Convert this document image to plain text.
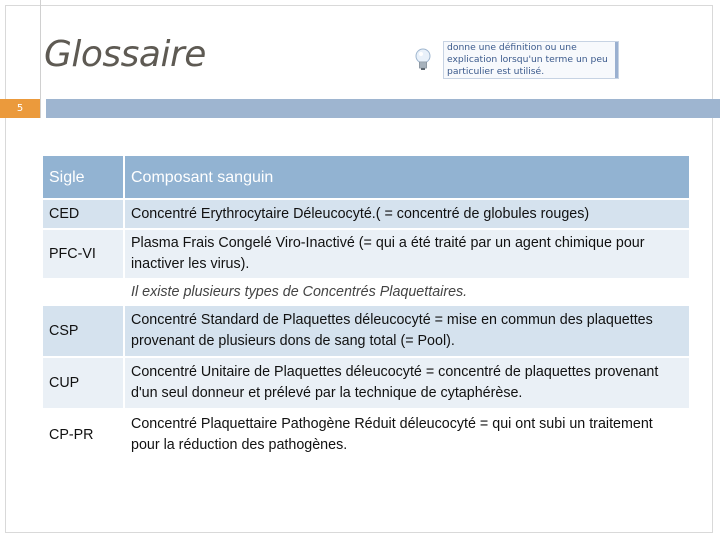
Glossaire	donne une définition ou une explication lorsqu'un terme un peu particulier est utilisé.
5
Sigle	Composant sanguin
CED	Concentré Erythrocytaire Déleucocyté.( = concentré de globules rouges)
PFC-VI	Plasma Frais Congelé Viro-Inactivé (= qui a été traité par un agent chimique pour inactiver les virus).
	Il existe plusieurs types de Concentrés Plaquettaires.
CSP	Concentré Standard de Plaquettes déleucocyté = mise en commun des plaquettes provenant de plusieurs dons de sang total (= Pool).
CUP	Concentré Unitaire de Plaquettes déleucocyté = concentré de plaquettes provenant d'un seul donneur et prélevé par la technique de cytaphérèse.
CP-PR	Concentré Plaquettaire Pathogène Réduit déleucocyté = qui ont subi un traitement pour la réduction des pathogènes.
